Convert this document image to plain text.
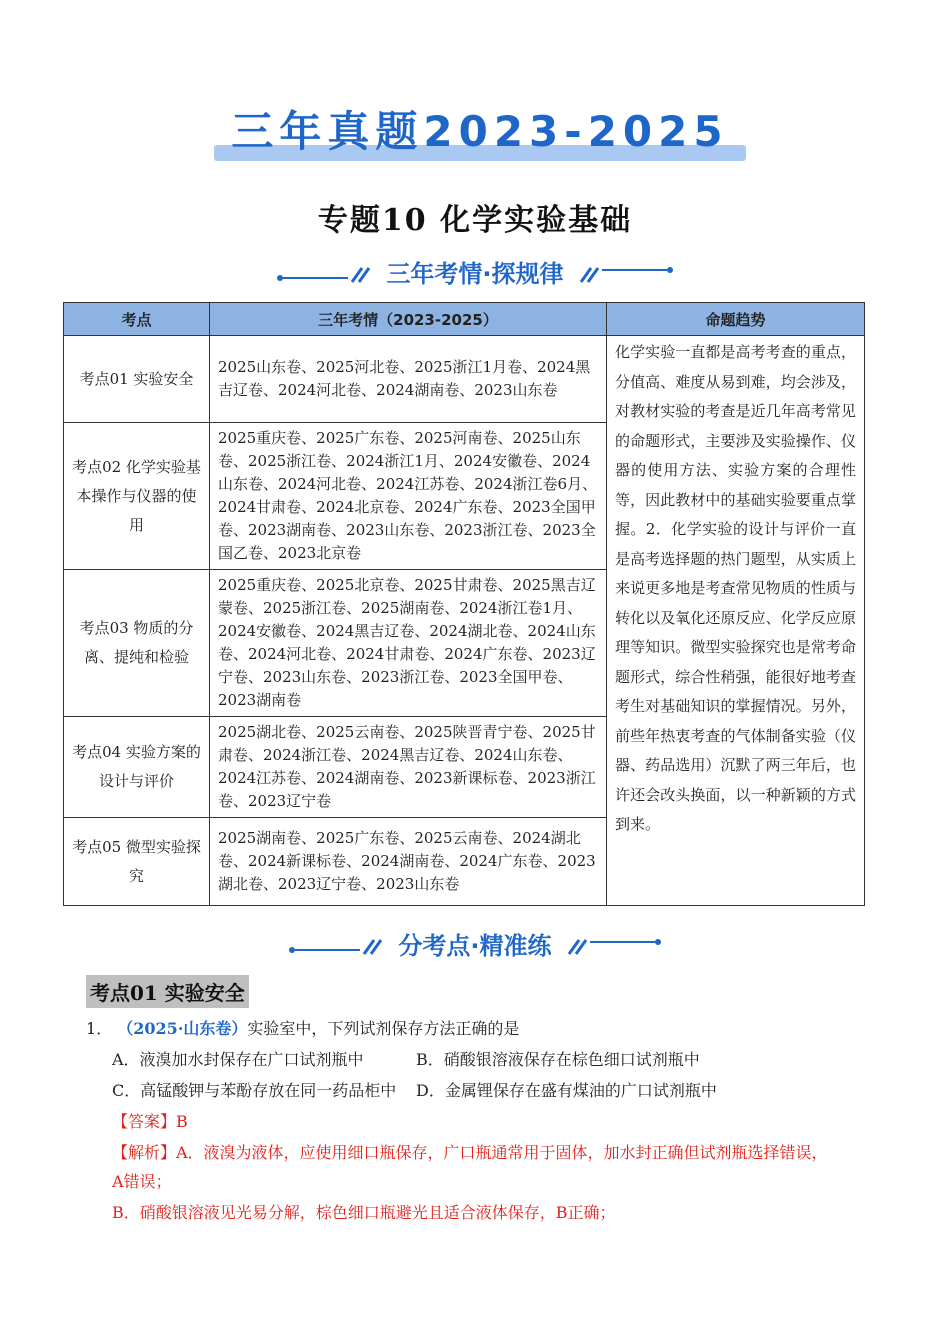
三年真题2023-2025
专题10 化学实验基础
三年考情·探规律
考点	三年考情（2023-2025）	命题趋势
考点01 实验安全	2025山东卷、2025河北卷、2025浙江1月卷、2024黑吉辽卷、2024河北卷、2024湖南卷、2023山东卷	化学实验一直都是高考考查的重点，分值高、难度从易到难，均会涉及，对教材实验的考查是近几年高考常见的命题形式，主要涉及实验操作、仪器的使用方法、实验方案的合理性等，因此教材中的基础实验要重点掌握。2．化学实验的设计与评价一直是高考选择题的热门题型，从实质上来说更多地是考查常见物质的性质与转化以及氧化还原反应、化学反应原理等知识。微型实验探究也是常考命题形式，综合性稍强，能很好地考查考生对基础知识的掌握情况。另外，前些年热衷考查的气体制备实验（仪器、药品选用）沉默了两三年后，也许还会改头换面，以一种新颖的方式到来。
考点02 化学实验基本操作与仪器的使用	2025重庆卷、2025广东卷、2025河南卷、2025山东卷、2025浙江卷、2024浙江1月、2024安徽卷、2024山东卷、2024河北卷、2024江苏卷、2024浙江卷6月、2024甘肃卷、2024北京卷、2024广东卷、2023全国甲卷、2023湖南卷、2023山东卷、2023浙江卷、2023全国乙卷、2023北京卷	
考点03 物质的分离、提纯和检验	2025重庆卷、2025北京卷、2025甘肃卷、2025黑吉辽蒙卷、2025浙江卷、2025湖南卷、2024浙江卷1月、2024安徽卷、2024黑吉辽卷、2024湖北卷、2024山东卷、2024河北卷、2024甘肃卷、2024广东卷、2023辽宁卷、2023山东卷、2023浙江卷、2023全国甲卷、2023湖南卷	
考点04 实验方案的设计与评价	2025湖北卷、2025云南卷、2025陕晋青宁卷、2025甘肃卷、2024浙江卷、2024黑吉辽卷、2024山东卷、2024江苏卷、2024湖南卷、2023新课标卷、2023浙江卷、2023辽宁卷	
考点05 微型实验探究	2025湖南卷、2025广东卷、2025云南卷、2024湖北卷、2024新课标卷、2024湖南卷、2024广东卷、2023湖北卷、2023辽宁卷、2023山东卷	
分考点·精准练
考点01 实验安全
1． （2025·山东卷）实验室中，下列试剂保存方法正确的是
A．液溴加水封保存在广口试剂瓶中	B．硝酸银溶液保存在棕色细口试剂瓶中
C．高锰酸钾与苯酚存放在同一药品柜中 D．金属锂保存在盛有煤油的广口试剂瓶中
【答案】B
【解析】A．液溴为液体，应使用细口瓶保存，广口瓶通常用于固体，加水封正确但试剂瓶选择错误，
A错误；
B．硝酸银溶液见光易分解，棕色细口瓶避光且适合液体保存，B正确；
